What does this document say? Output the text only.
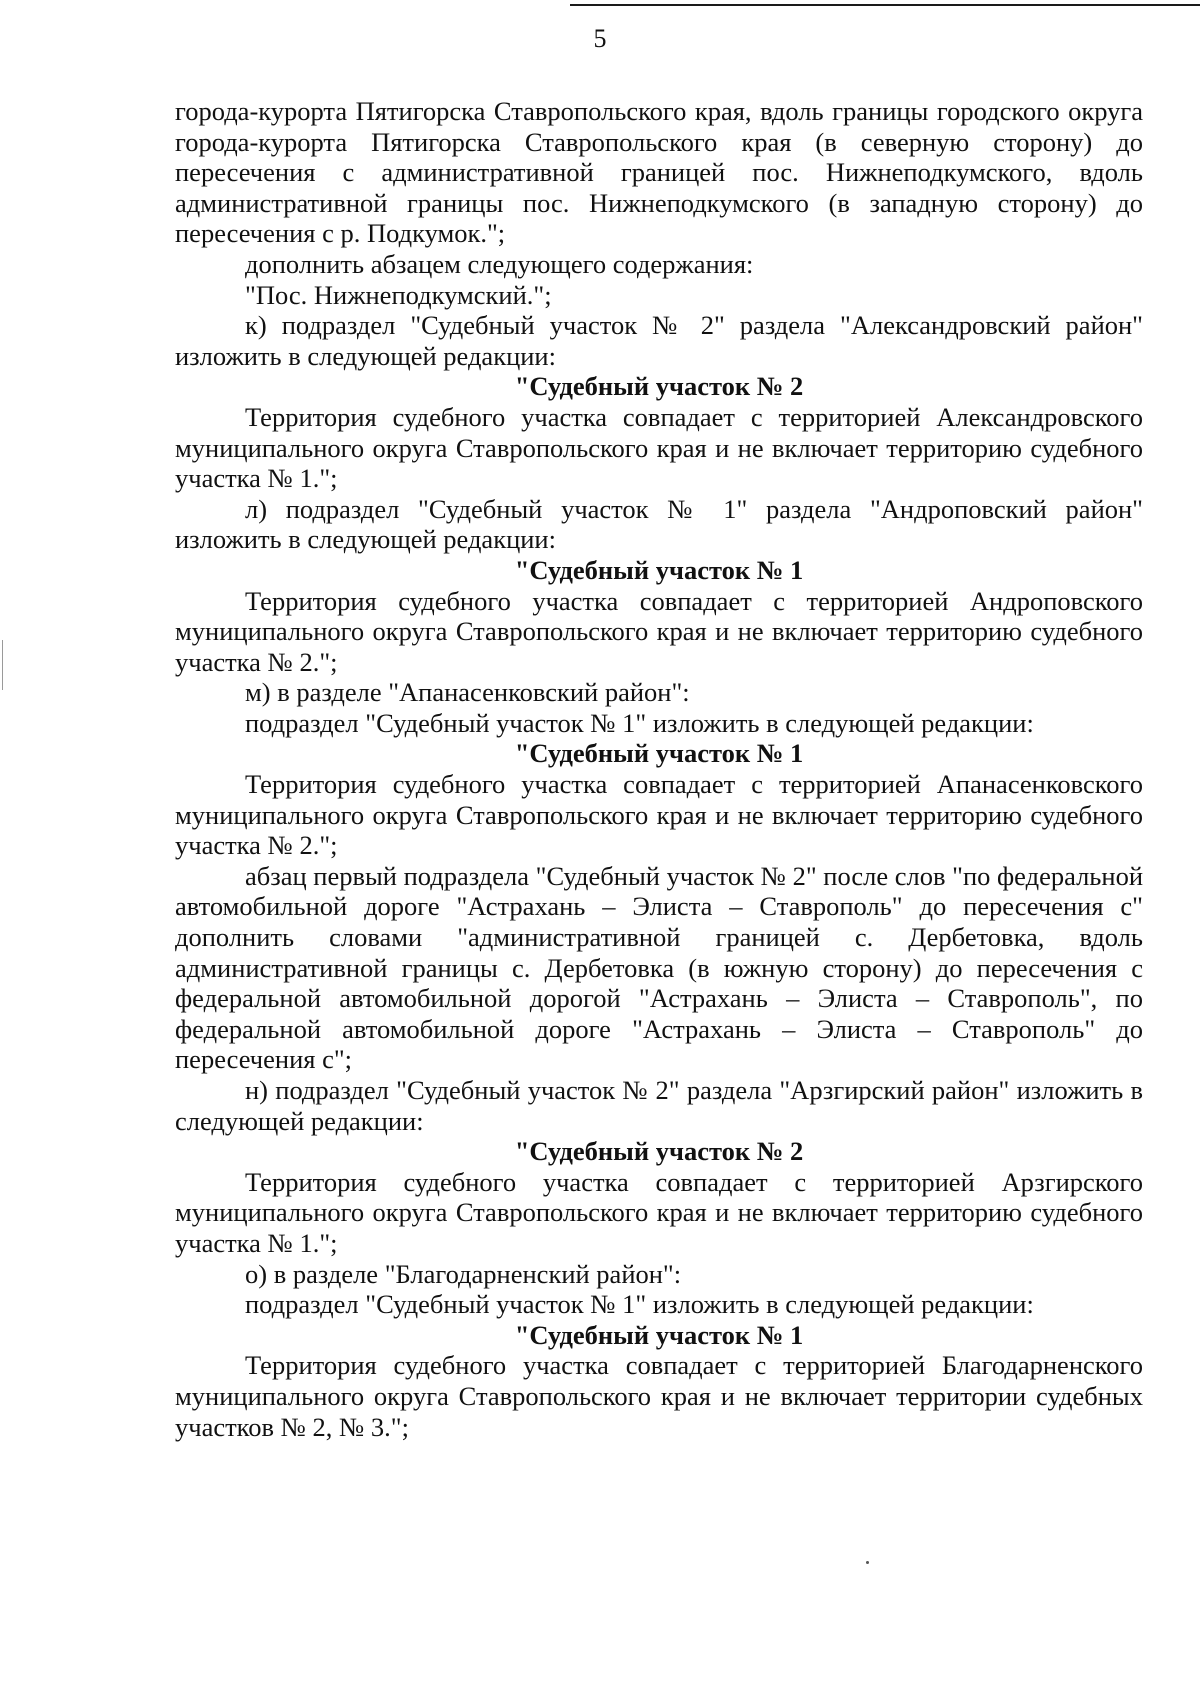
5

города-курорта Пятигорска Ставропольского края, вдоль границы городского округа города-курорта Пятигорска Ставропольского края (в северную сторону) до пересечения с административной границей пос. Нижнеподкумского, вдоль административной границы пос. Нижнеподкумского (в западную сторону) до пересечения с р. Подкумок.";

дополнить абзацем следующего содержания:

"Пос. Нижнеподкумский.";

к) подраздел "Судебный участок № 2" раздела "Александровский район" изложить в следующей редакции:

"Судебный участок № 2

Территория судебного участка совпадает с территорией Александровского муниципального округа Ставропольского края и не включает территорию судебного участка № 1.";

л) подраздел "Судебный участок № 1" раздела "Андроповский район" изложить в следующей редакции:

"Судебный участок № 1

Территория судебного участка совпадает с территорией Андроповского муниципального округа Ставропольского края и не включает территорию судебного участка № 2.";

м) в разделе "Апанасенковский район":

подраздел "Судебный участок № 1" изложить в следующей редакции:

"Судебный участок № 1

Территория судебного участка совпадает с территорией Апанасенковского муниципального округа Ставропольского края и не включает территорию судебного участка № 2.";

абзац первый подраздела "Судебный участок № 2" после слов "по федеральной автомобильной дороге "Астрахань – Элиста – Ставрополь" до пересечения с" дополнить словами "административной границей с. Дербетовка, вдоль административной границы с. Дербетовка (в южную сторону) до пересечения с федеральной автомобильной дорогой "Астрахань – Элиста – Ставрополь", по федеральной автомобильной дороге "Астрахань – Элиста – Ставрополь" до пересечения с";

н) подраздел "Судебный участок № 2" раздела "Арзгирский район" изложить в следующей редакции:

"Судебный участок № 2

Территория судебного участка совпадает с территорией Арзгирского муниципального округа Ставропольского края и не включает территорию судебного участка № 1.";

о) в разделе "Благодарненский район":

подраздел "Судебный участок № 1" изложить в следующей редакции:

"Судебный участок № 1

Территория судебного участка совпадает с территорией Благодарненского муниципального округа Ставропольского края и не включает территории судебных участков № 2, № 3.";
